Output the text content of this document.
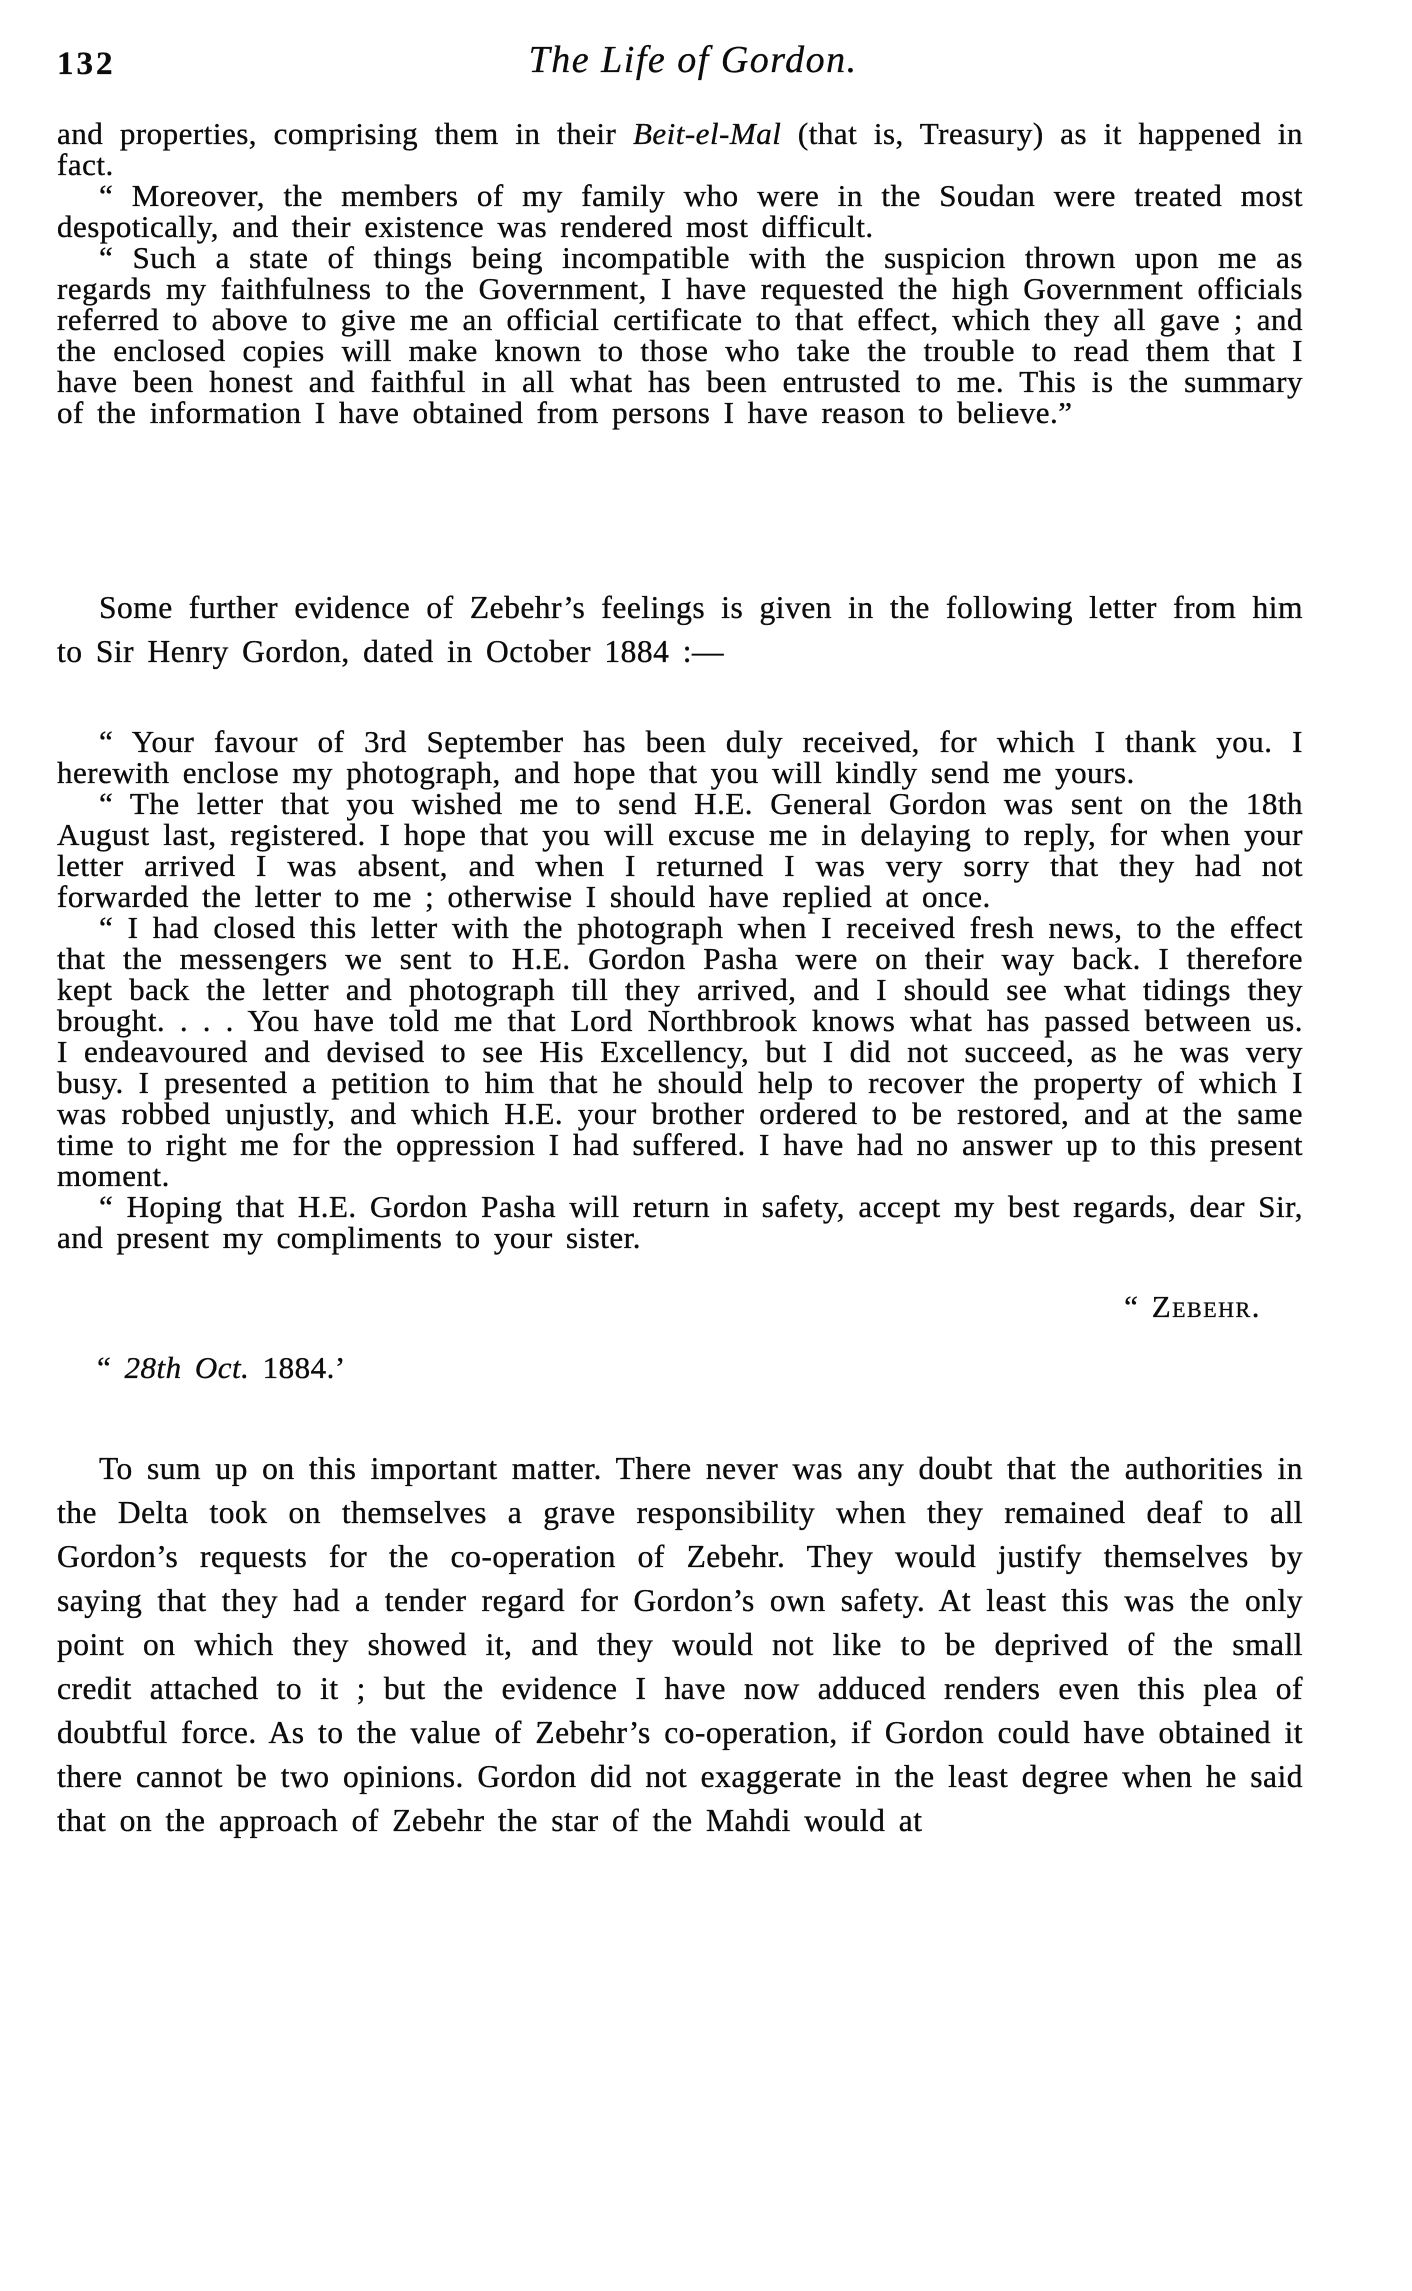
132	The Life of Gordon.

and properties, comprising them in their Beit-el-Mal (that is, Treasury) as it happened in fact.

“ Moreover, the members of my family who were in the Soudan were treated most despotically, and their existence was rendered most difficult.

“ Such a state of things being incompatible with the suspicion thrown upon me as regards my faithfulness to the Government, I have requested the high Government officials referred to above to give me an official certificate to that effect, which they all gave ; and the enclosed copies will make known to those who take the trouble to read them that I have been honest and faithful in all what has been entrusted to me. This is the summary of the information I have obtained from persons I have reason to believe.”

Some further evidence of Zebehr’s feelings is given in the following letter from him to Sir Henry Gordon, dated in October 1884 :—

“ Your favour of 3rd September has been duly received, for which I thank you. I herewith enclose my photograph, and hope that you will kindly send me yours.

“ The letter that you wished me to send H.E. General Gordon was sent on the 18th August last, registered. I hope that you will excuse me in delaying to reply, for when your letter arrived I was absent, and when I returned I was very sorry that they had not forwarded the letter to me ; otherwise I should have replied at once.

“ I had closed this letter with the photograph when I received fresh news, to the effect that the messengers we sent to H.E. Gordon Pasha were on their way back. I therefore kept back the letter and photograph till they arrived, and I should see what tidings they brought. . . . You have told me that Lord Northbrook knows what has passed between us. I endeavoured and devised to see His Excellency, but I did not succeed, as he was very busy. I presented a petition to him that he should help to recover the property of which I was robbed unjustly, and which H.E. your brother ordered to be restored, and at the same time to right me for the oppression I had suffered. I have had no answer up to this present moment.

“ Hoping that H.E. Gordon Pasha will return in safety, accept my best regards, dear Sir, and present my compliments to your sister.

“ Zebehr.

“ 28th Oct. 1884.’

To sum up on this important matter. There never was any doubt that the authorities in the Delta took on themselves a grave responsibility when they remained deaf to all Gordon’s requests for the co-operation of Zebehr. They would justify themselves by saying that they had a tender regard for Gordon’s own safety. At least this was the only point on which they showed it, and they would not like to be deprived of the small credit attached to it ; but the evidence I have now adduced renders even this plea of doubtful force. As to the value of Zebehr’s co-operation, if Gordon could have obtained it there cannot be two opinions. Gordon did not exaggerate in the least degree when he said that on the approach of Zebehr the star of the Mahdi would at
